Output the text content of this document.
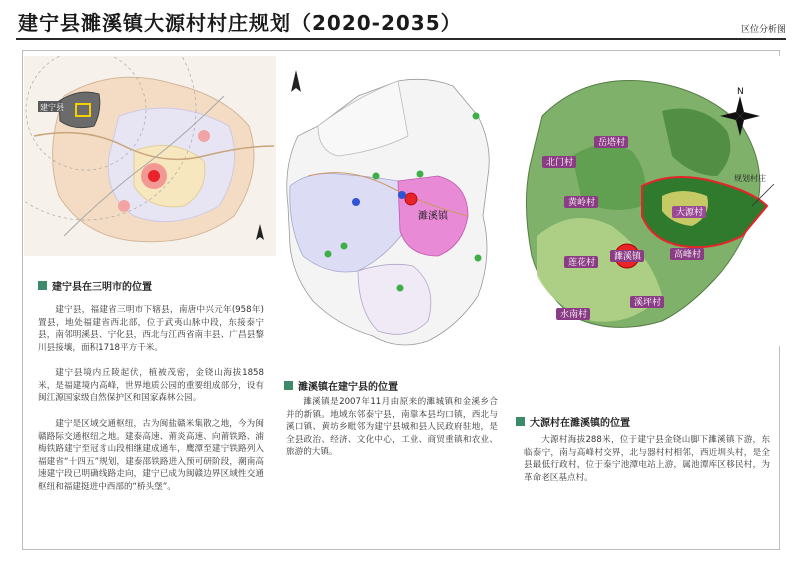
建宁县濉溪镇大源村村庄规划（2020-2035）	区位分析图
建宁县
建宁县在三明市的位置

建宁县，福建省三明市下辖县，南唐中兴元年(958年)置县，地处福建省西北部，位于武夷山脉中段，东接泰宁县，南邻明溪县、宁化县，西北与江西省南丰县、广昌县黎川县接壤，面积1718平方千米。

建宁县境内丘陵起伏，植被茂密，金铙山海拔1858米，是福建境内高峰，世界地质公园的重要组成部分，设有闽江源国家级自然保护区和国家森林公园。

建宁是区域交通枢纽，古为闽盐赣米集散之地，今为闽赣路际交通枢纽之地。建泰高速、莆炎高速、向莆铁路、浦梅铁路建宁至冠豸山段相继建成通车，鹰潭至建宁铁路列入福建省“十四五”规划，建泰邵铁路进入预可研阶段，潮南高速建宁段已明确线路走向，建宁已成为闽赣边界区域性交通枢纽和福建挺进中西部的“桥头堡”。

濉溪镇
濉溪镇在建宁县的位置

濉溪镇是2007年11月由原来的濉城镇和金溪乡合并的新镇。地域东邻泰宁县，南靠本县均口镇，西北与溪口镇、黄坊乡毗邻为建宁县城和县人民政府驻地，是全县政治、经济、文化中心，工业、商贸重镇和农业、旅游的大镇。

岳塔村
高峰村
黄岭村
莲花村
水南村
溪坪村
北门村
大源村
濉溪镇
规划村庄
N
大源村在濉溪镇的位置

大源村海拔288米，位于建宁县金铙山脚下濉溪镇下游，东临泰宁，南与高峰村交界，北与器村村相邻，西近圳头村，是全县最低行政村，位于泰宁池潭电站上游，属池潭库区移民村，为革命老区基点村。
